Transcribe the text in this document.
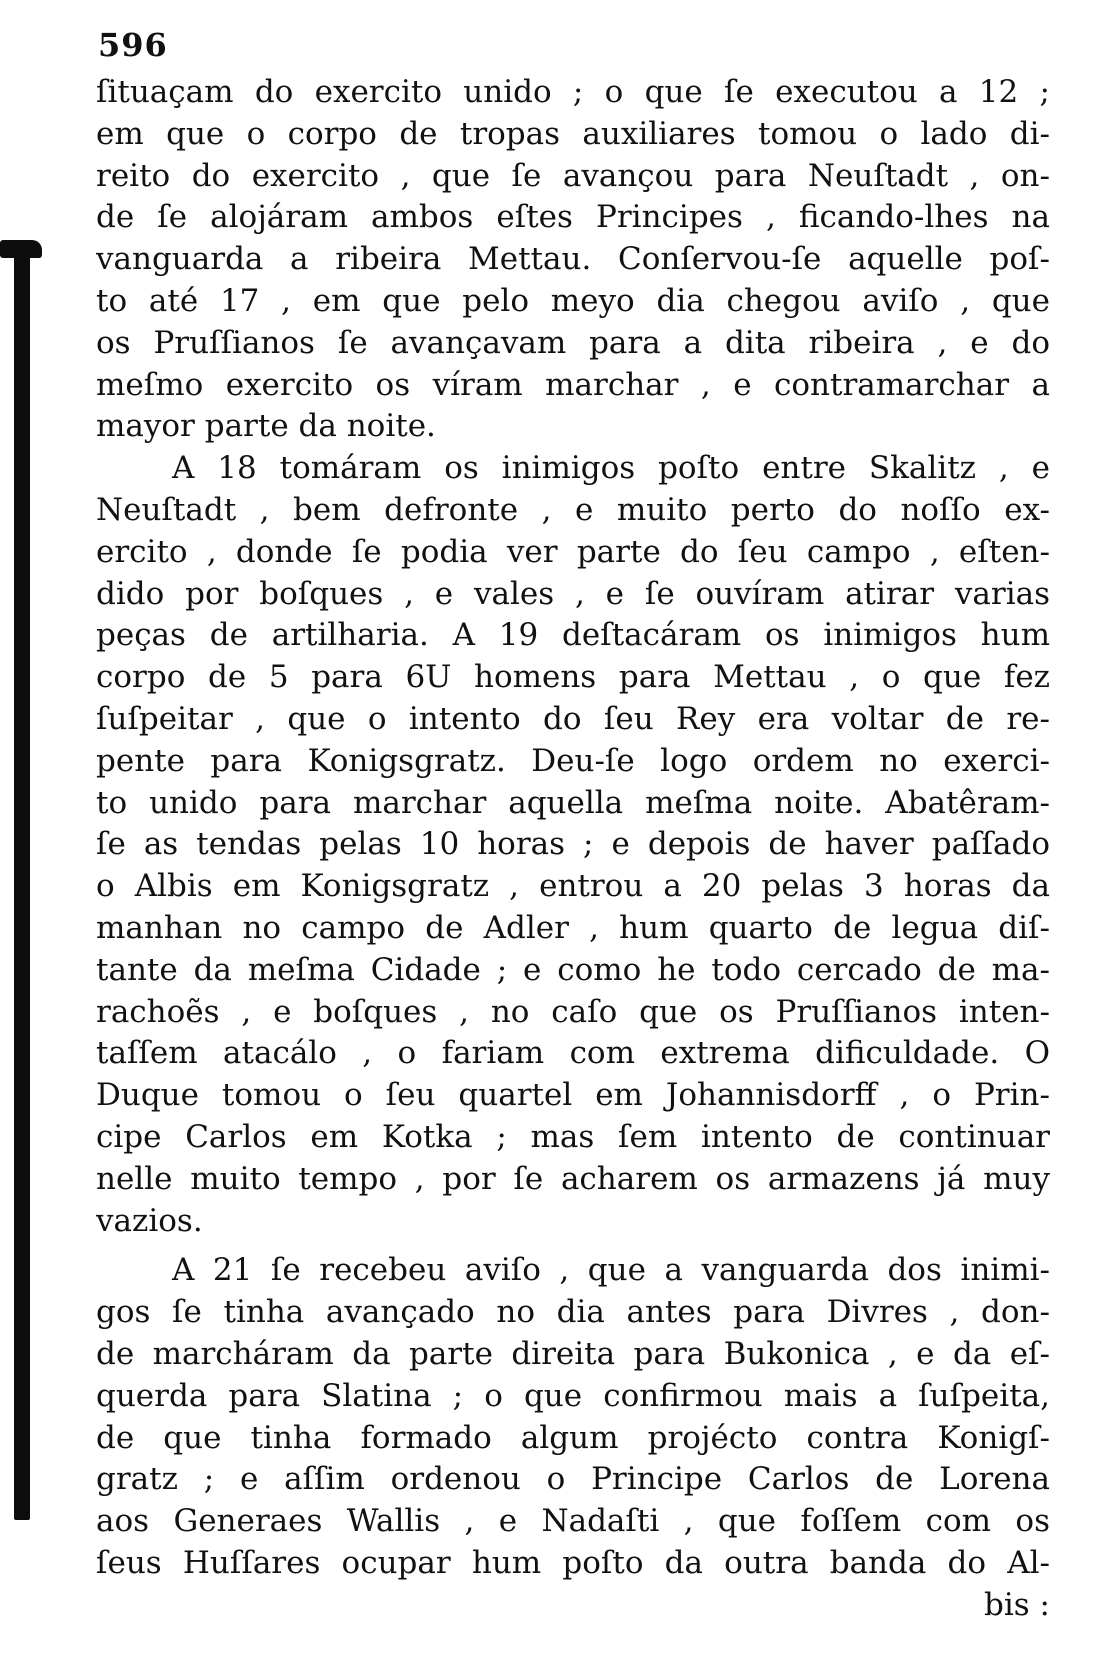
596
ſituaçam do exercito unido ; o que ſe executou a 12 ;
em que o corpo de tropas auxiliares tomou o lado di-
reito do exercito , que ſe avançou para Neuſtadt , on-
de ſe alojáram ambos eſtes Principes , ficando-lhes na
vanguarda a ribeira Mettau. Conſervou-ſe aquelle poſ-
to até 17 , em que pelo meyo dia chegou aviſo , que
os Pruſſianos ſe avançavam para a dita ribeira , e do
meſmo exercito os víram marchar , e contramarchar a
mayor parte da noite.
A 18 tomáram os inimigos poſto entre Skalitz , e
Neuſtadt , bem defronte , e muito perto do noſſo ex-
ercito , donde ſe podia ver parte do ſeu campo , eſten-
dido por boſques , e vales , e ſe ouvíram atirar varias
peças de artilharia. A 19 deſtacáram os inimigos hum
corpo de 5 para 6U homens para Mettau , o que fez
ſuſpeitar , que o intento do ſeu Rey era voltar de re-
pente para Konigsgratz. Deu-ſe logo ordem no exerci-
to unido para marchar aquella meſma noite. Abatêram-
ſe as tendas pelas 10 horas ; e depois de haver paſſado
o Albis em Konigsgratz , entrou a 20 pelas 3 horas da
manhan no campo de Adler , hum quarto de legua diſ-
tante da meſma Cidade ; e como he todo cercado de ma-
rachoẽs , e boſques , no caſo que os Pruſſianos inten-
taſſem atacálo , o fariam com extrema dificuldade. O
Duque tomou o ſeu quartel em Johannisdorff , o Prin-
cipe Carlos em Kotka ; mas ſem intento de continuar
nelle muito tempo , por ſe acharem os armazens já muy
vazios.
A 21 ſe recebeu aviſo , que a vanguarda dos inimi-
gos ſe tinha avançado no dia antes para Divres , don-
de marcháram da parte direita para Bukonica , e da eſ-
querda para Slatina ; o que confirmou mais a ſuſpeita,
de que tinha formado algum projécto contra Konigſ-
gratz ; e aſſim ordenou o Principe Carlos de Lorena
aos Generaes Wallis , e Nadaſti , que foſſem com os
ſeus Huſſares ocupar hum poſto da outra banda do Al-
bis :
